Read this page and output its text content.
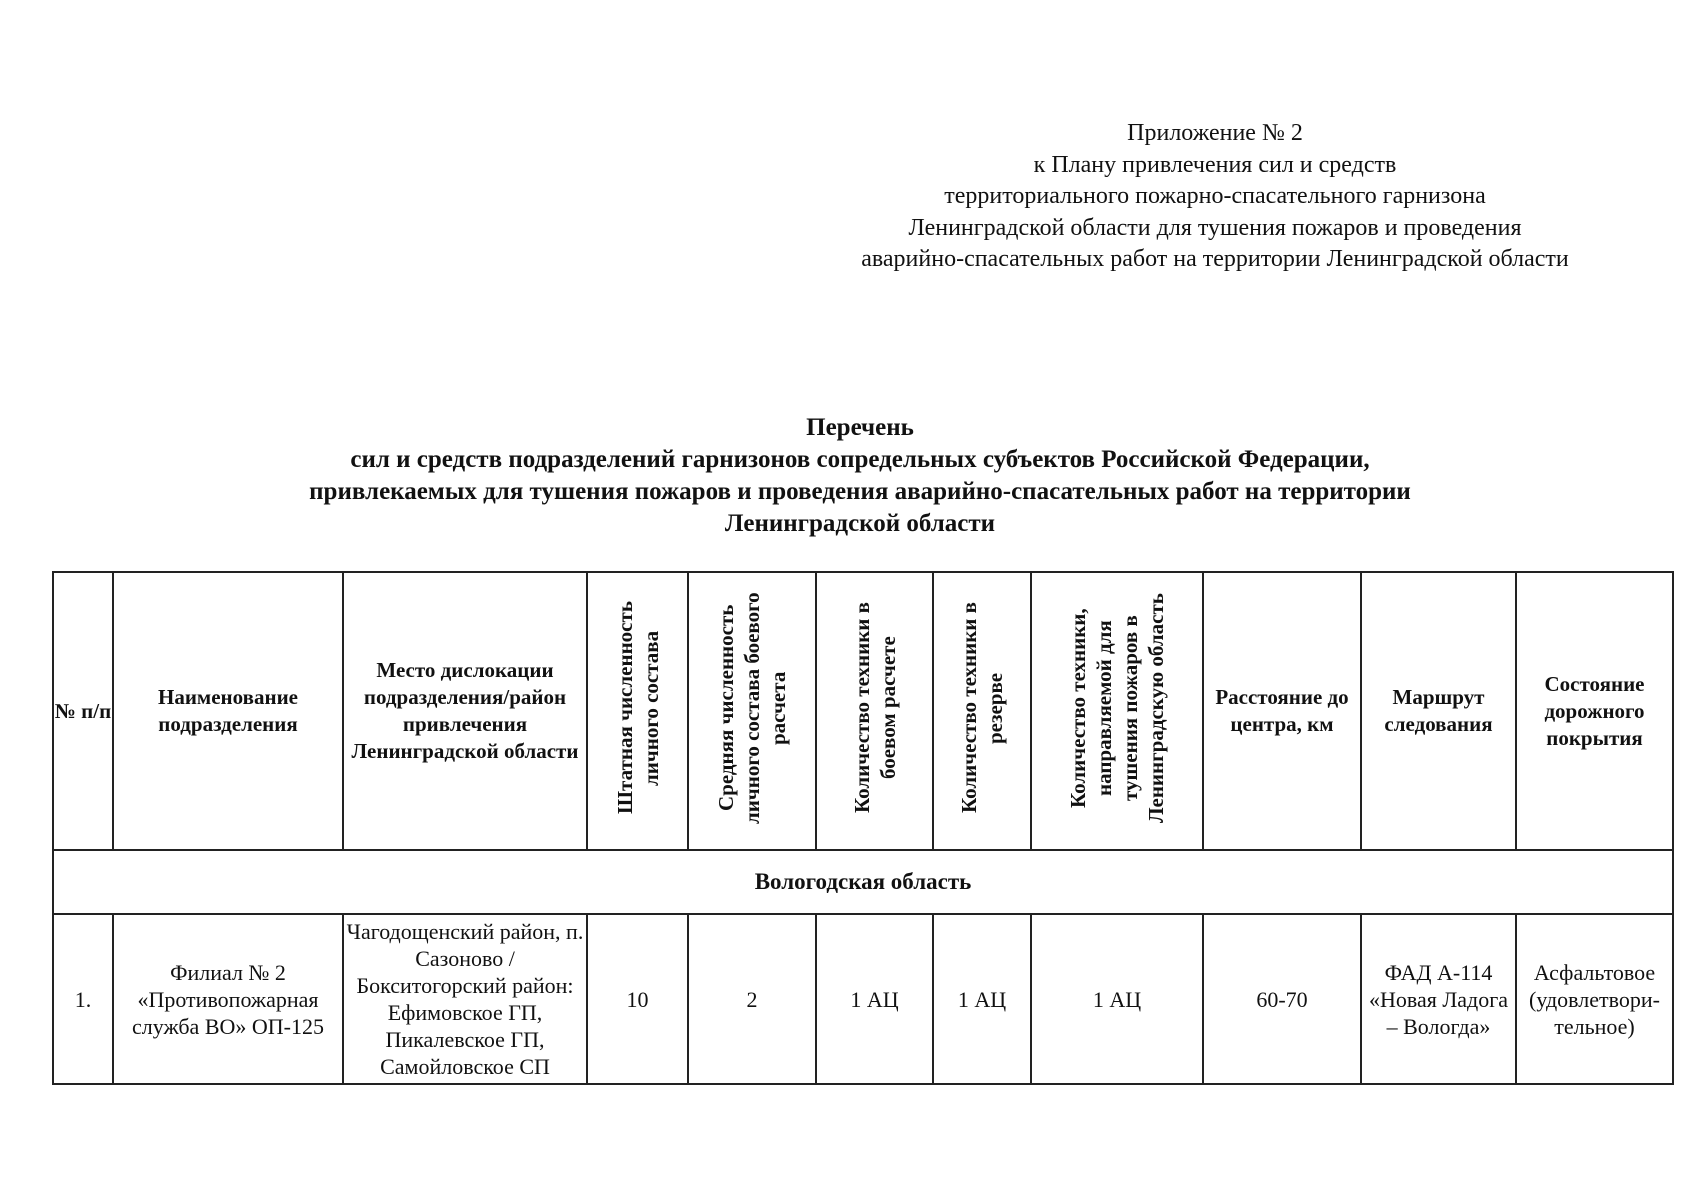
Приложение № 2
к Плану привлечения сил и средств
территориального пожарно-спасательного гарнизона
Ленинградской области для тушения пожаров и проведения
аварийно-спасательных работ на территории Ленинградской области
Перечень
сил и средств подразделений гарнизонов сопредельных субъектов Российской Федерации,
привлекаемых для тушения пожаров и проведения аварийно-спасательных работ на территории
Ленинградской области
№ п/п	Наименование подразделения	Место дислокации подразделения/район привлечения Ленинградской области	Штатная численность личного состава	Средняя численность личного состава боевого расчета	Количество техники в боевом расчете	Количество техники в резерве	Количество техники, направляемой для тушения пожаров в Ленинградскую область	Расстояние до центра, км	Маршрут следования	Состояние дорожного покрытия
Вологодская область										
1.	Филиал № 2 «Противопожарная служба ВО» ОП-125	Чагодощенский район, п. Сазоново / Бокситогорский район: Ефимовское ГП, Пикалевское ГП, Самойловское СП	10	2	1 АЦ	1 АЦ	1 АЦ	60-70	ФАД А-114 «Новая Ладога – Вологда»	Асфальтовое (удовлетвори-тельное)
